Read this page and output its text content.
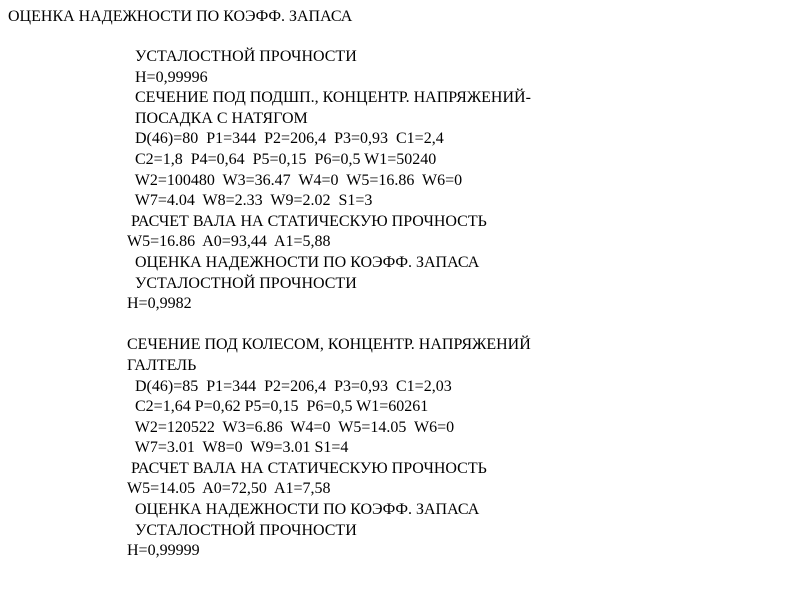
ОЦЕНКА НАДЕЖНОСТИ ПО КОЭФФ. ЗАПАСА
УСТАЛОСТНОЙ ПРОЧНОСТИ
H=0,99996
СЕЧЕНИЕ ПОД ПОДШП., КОНЦЕНТР. НАПРЯЖЕНИЙ-
ПОСАДКА С НАТЯГОМ
D(46)=80  P1=344  P2=206,4  P3=0,93  C1=2,4
C2=1,8  P4=0,64  P5=0,15  P6=0,5 W1=50240
W2=100480  W3=36.47  W4=0  W5=16.86  W6=0
W7=4.04  W8=2.33  W9=2.02  S1=3
РАСЧЕТ ВАЛА НА СТАТИЧЕСКУЮ ПРОЧНОСТЬ
W5=16.86  A0=93,44  A1=5,88
ОЦЕНКА НАДЕЖНОСТИ ПО КОЭФФ. ЗАПАСА
УСТАЛОСТНОЙ ПРОЧНОСТИ
H=0,9982
СЕЧЕНИЕ ПОД КОЛЕСОМ, КОНЦЕНТР. НАПРЯЖЕНИЙ
ГАЛТЕЛЬ
D(46)=85  P1=344  P2=206,4  P3=0,93  C1=2,03
C2=1,64 P=0,62 P5=0,15  P6=0,5 W1=60261
W2=120522  W3=6.86  W4=0  W5=14.05  W6=0
W7=3.01  W8=0  W9=3.01 S1=4
РАСЧЕТ ВАЛА НА СТАТИЧЕСКУЮ ПРОЧНОСТЬ
W5=14.05  A0=72,50  A1=7,58
ОЦЕНКА НАДЕЖНОСТИ ПО КОЭФФ. ЗАПАСА
УСТАЛОСТНОЙ ПРОЧНОСТИ
H=0,99999
